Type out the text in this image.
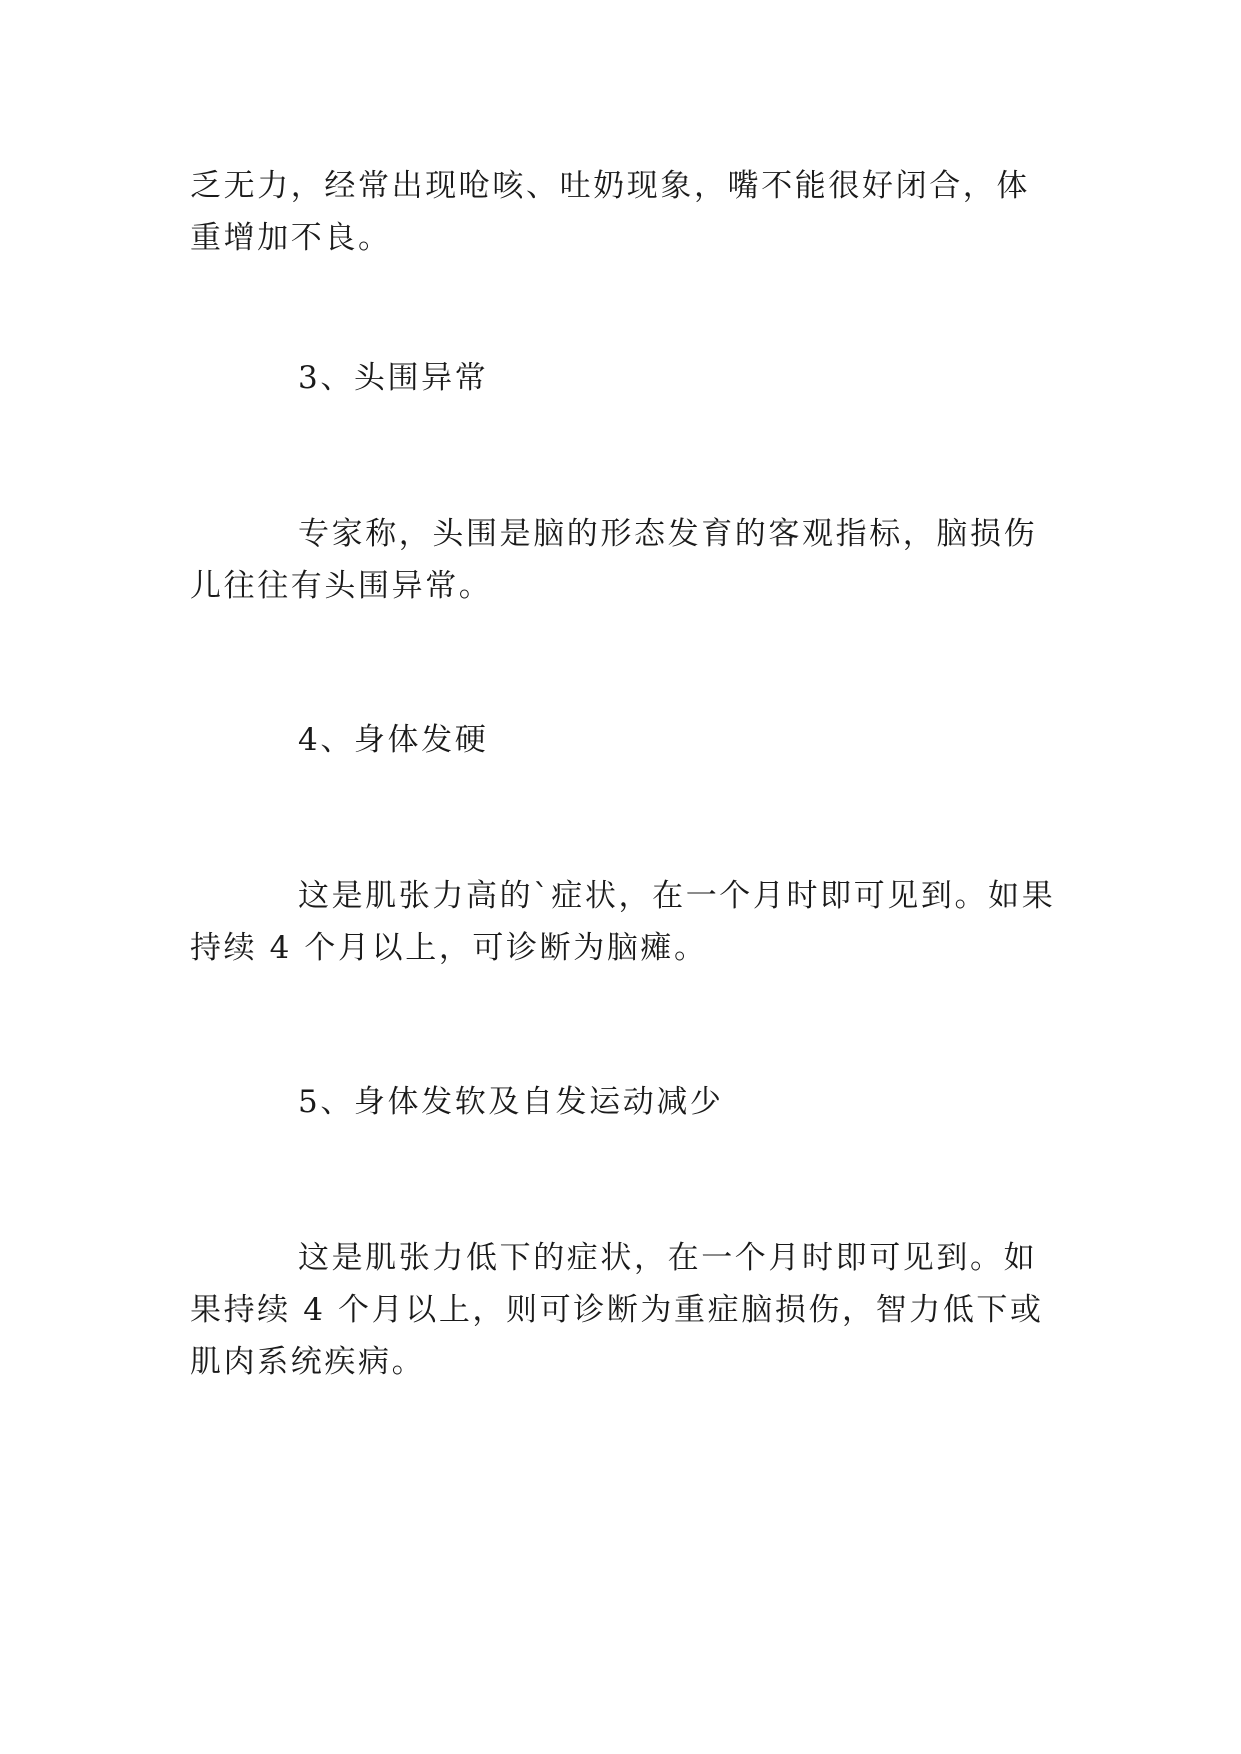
乏无力，经常出现呛咳、吐奶现象，嘴不能很好闭合，体重增加不良。

3、头围异常

专家称，头围是脑的形态发育的客观指标，脑损伤儿往往有头围异常。

4、身体发硬

这是肌张力高的`症状，在一个月时即可见到。如果持续 4 个月以上，可诊断为脑瘫。

5、身体发软及自发运动减少

这是肌张力低下的症状，在一个月时即可见到。如果持续 4 个月以上，则可诊断为重症脑损伤，智力低下或肌肉系统疾病。
